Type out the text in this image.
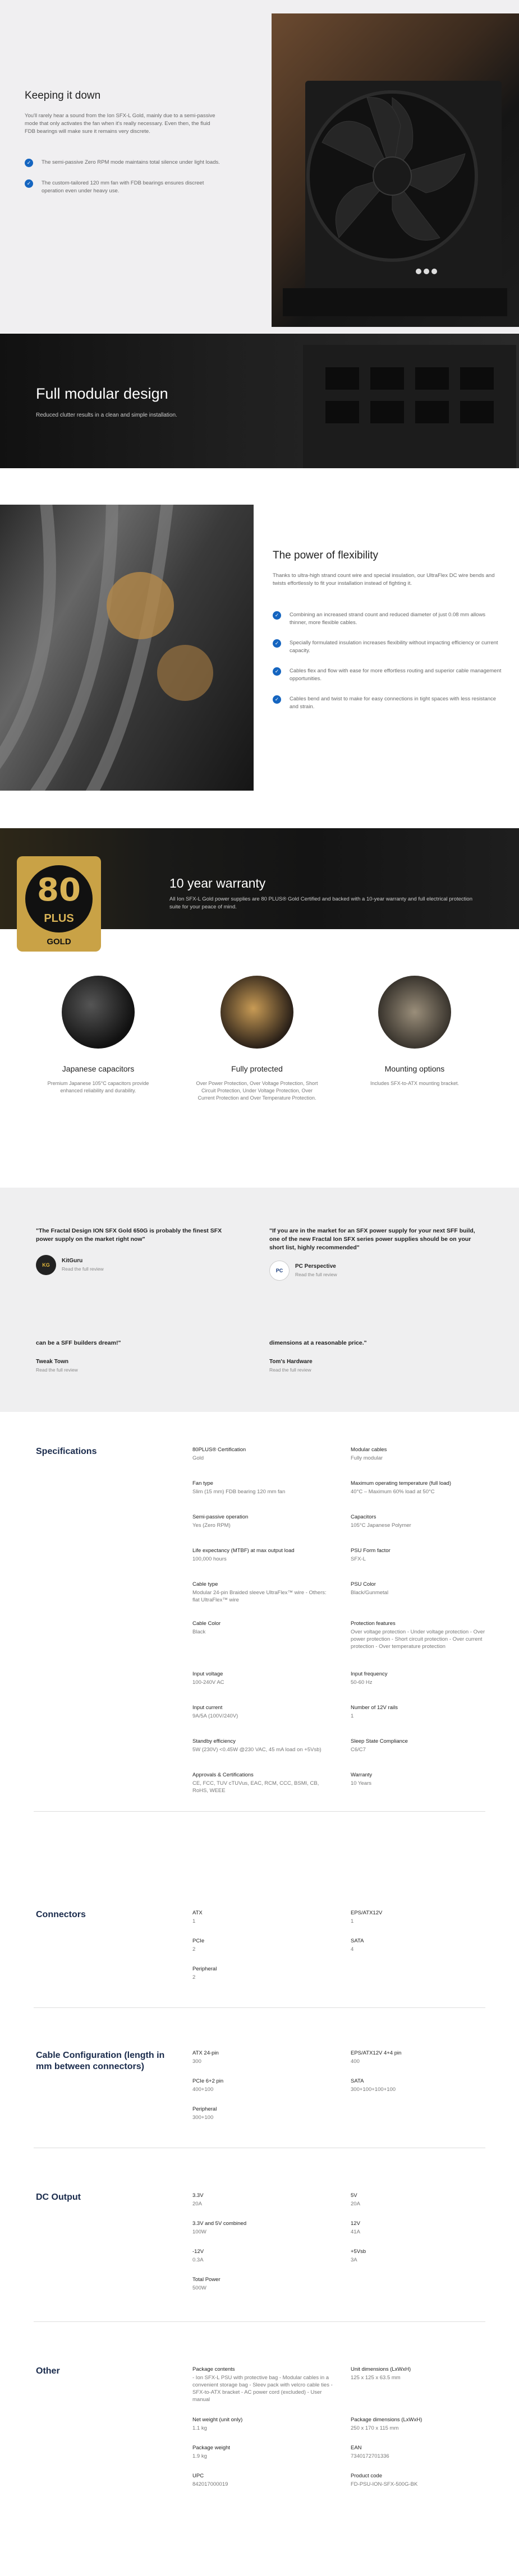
Keeping it down

You'll rarely hear a sound from the Ion SFX-L Gold, mainly due to a semi-passive mode that only activates the fan when it's really necessary. Even then, the fluid FDB bearings will make sure it remains very discrete.

✓	The semi-passive Zero RPM mode maintains total silence under light loads.

✓	The custom-tailored 120 mm fan with FDB bearings ensures discreet operation even under heavy use.

Full modular design

Reduced clutter results in a clean and simple installation.

The power of flexibility

Thanks to ultra-high strand count wire and special insulation, our UltraFlex DC wire bends and twists effortlessly to fit your installation instead of fighting it.

✓	Combining an increased strand count and reduced diameter of just 0.08 mm allows thinner, more flexible cables.

✓	Specially formulated insulation increases flexibility without impacting efficiency or current capacity.

✓	Cables flex and flow with ease for more effortless routing and superior cable management opportunities.

✓	Cables bend and twist to make for easy connections in tight spaces with less resistance and strain.

80
PLUS
GOLD
10 year warranty

All Ion SFX-L Gold power supplies are 80 PLUS® Gold Certified and backed with a 10-year warranty and full electrical protection suite for your peace of mind.

Japanese capacitors
Premium Japanese 105°C capacitors provide enhanced reliability and durability.
Fully protected
Over Power Protection, Over Voltage Protection, Short Circuit Protection, Under Voltage Protection, Over Current Protection and Over Temperature Protection.
Mounting options
Includes SFX-to-ATX mounting bracket.

"The Fractal Design ION SFX Gold 650G is probably the finest SFX power supply on the market right now"

KG
KitGuru
Read the full review

"If you are in the market for an SFX power supply for your next SFF build, one of the new Fractal Ion SFX series power supplies should be on your short list, highly recommended"

PC
PC Perspective
Read the full review

can be a SFF builders dream!"

Tweak Town
Read the full review

dimensions at a reasonable price."

Tom's Hardware
Read the full review
Specifications	80PLUS® Certification
Gold
Modular cables
Fully modular
Fan type
Slim (15 mm) FDB bearing 120 mm fan
Maximum operating temperature (full load)
40°C – Maximum 60% load at 50°C
Semi-passive operation
Yes (Zero RPM)
Capacitors
105°C Japanese Polymer
Life expectancy (MTBF) at max output load
100,000 hours
PSU Form factor
SFX-L
Cable type
Modular 24-pin Braided sleeve UltraFlex™ wire - Others: flat UltraFlex™ wire
PSU Color
Black/Gunmetal
Cable Color
Black
Protection features
Over voltage protection - Under voltage protection - Over power protection - Short circuit protection - Over current protection - Over temperature protection
Input voltage
100-240V AC
Input frequency
50-60 Hz
Input current
9A/5A (100V/240V)
Number of 12V rails
1
Standby efficiency
5W (230V) <0.45W @230 VAC, 45 mA load on +5Vsb)
Sleep State Compliance
C6/C7
Approvals & Certifications
CE, FCC, TUV cTUVus, EAC, RCM, CCC, BSMI, CB, RoHS, WEEE
Warranty
10 Years
Connectors	ATX
1
EPS/ATX12V
1
PCIe
2
SATA
4
Peripheral
2
Cable Configuration (length in mm between connectors)
ATX 24-pin
300
EPS/ATX12V 4+4 pin
400
PCIe 6+2 pin
400+100
SATA
300+100+100+100
Peripheral
300+100
DC Output	3.3V
20A
5V
20A
3.3V and 5V combined
100W
12V
41A
-12V
0.3A
+5Vsb
3A
Total Power
500W
Other	Package contents
- Ion SFX-L PSU with protective bag - Modular cables in a convenient storage bag - Sleev pack with velcro cable ties - SFX-to-ATX bracket - AC power cord (excluded) - User manual
Unit dimensions (LxWxH)
125 x 125 x 63.5 mm
Net weight (unit only)
1.1 kg
Package dimensions (LxWxH)
250 x 170 x 115 mm
Package weight
1.9 kg
EAN
7340172701336
UPC
842017000019
Product code
FD-PSU-ION-SFX-500G-BK
